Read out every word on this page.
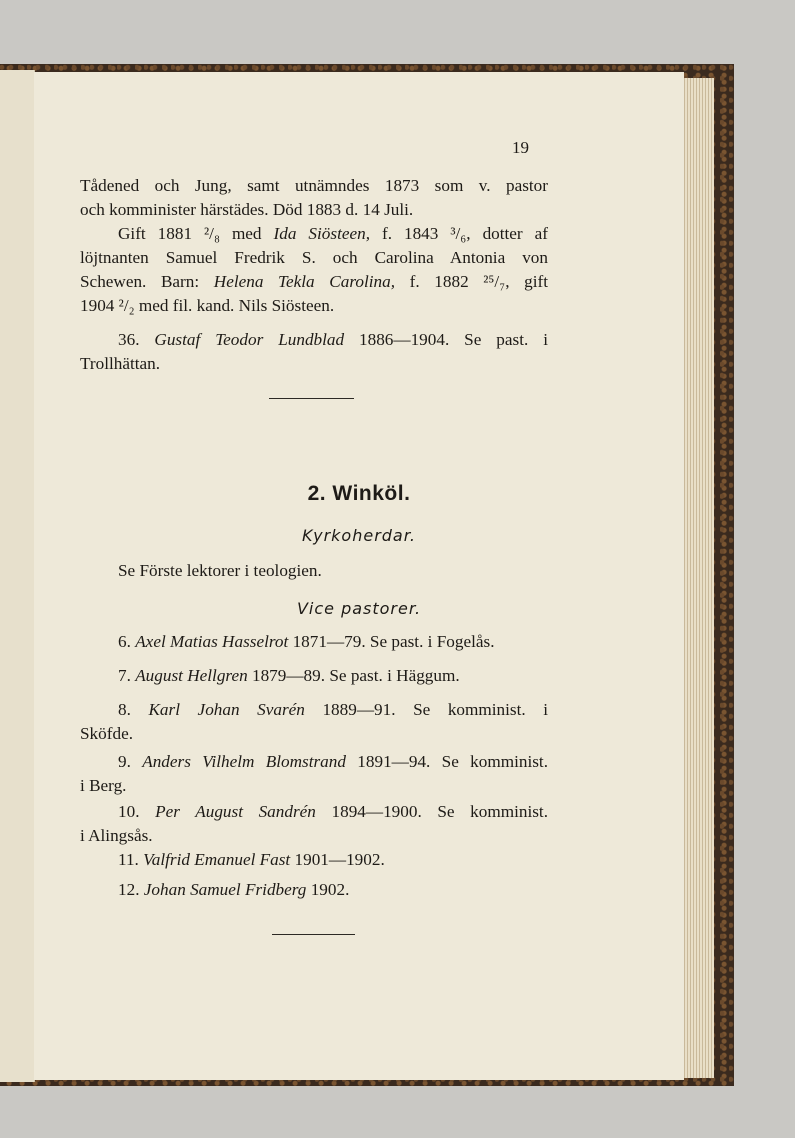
19
Tådened och Jung, samt utnämndes 1873 som v. pastor
och komminister härstädes. Död 1883 d. 14 Juli.
Gift 1881 ²/₈ med Ida Siösteen, f. 1843 ³/₆, dotter af
löjtnanten Samuel Fredrik S. och Carolina Antonia von
Schewen. Barn: Helena Tekla Carolina, f. 1882 ²⁵/₇, gift
1904 ²/₂ med fil. kand. Nils Siösteen.
36. Gustaf Teodor Lundblad 1886—1904. Se past. i
Trollhättan.
2. Winköl.
Kyrkoherdar.
Se Förste lektorer i teologien.
Vice pastorer.
6. Axel Matias Hasselrot 1871—79. Se past. i Fogelås.
7. August Hellgren 1879—89. Se past. i Häggum.
8. Karl Johan Svarén 1889—91. Se komminist. i
Sköfde.
9. Anders Vilhelm Blomstrand 1891—94. Se komminist.
i Berg.
10. Per August Sandrén 1894—1900. Se komminist.
i Alingsås.
11. Valfrid Emanuel Fast 1901—1902.
12. Johan Samuel Fridberg 1902.
